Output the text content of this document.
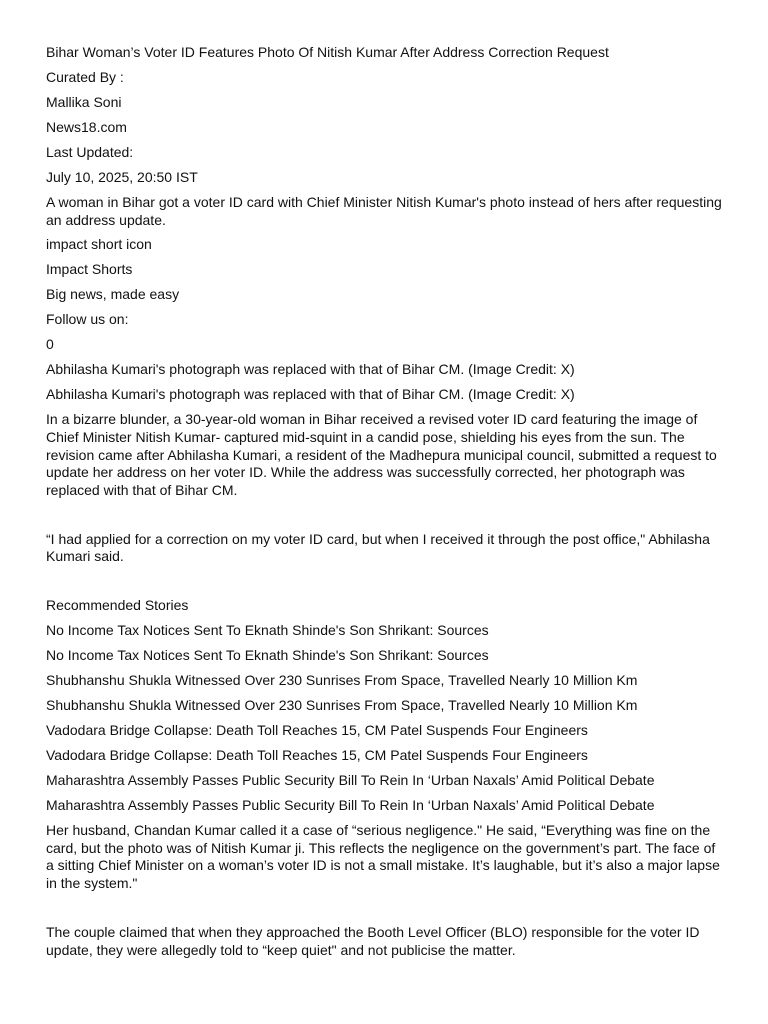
Bihar Woman’s Voter ID Features Photo Of Nitish Kumar After Address Correction Request
Curated By :
Mallika Soni
News18.com
Last Updated:
July 10, 2025, 20:50 IST
A woman in Bihar got a voter ID card with Chief Minister Nitish Kumar's photo instead of hers after requesting an address update.
impact short icon
Impact Shorts
Big news, made easy
Follow us on:
0
Abhilasha Kumari's photograph was replaced with that of Bihar CM. (Image Credit: X)
Abhilasha Kumari's photograph was replaced with that of Bihar CM. (Image Credit: X)
In a bizarre blunder, a 30-year-old woman in Bihar received a revised voter ID card featuring the image of Chief Minister Nitish Kumar- captured mid-squint in a candid pose, shielding his eyes from the sun. The revision came after Abhilasha Kumari, a resident of the Madhepura municipal council, submitted a request to update her address on her voter ID. While the address was successfully corrected, her photograph was replaced with that of Bihar CM.
“I had applied for a correction on my voter ID card, but when I received it through the post office," Abhilasha Kumari said.
Recommended Stories
No Income Tax Notices Sent To Eknath Shinde's Son Shrikant: Sources
No Income Tax Notices Sent To Eknath Shinde's Son Shrikant: Sources
Shubhanshu Shukla Witnessed Over 230 Sunrises From Space, Travelled Nearly 10 Million Km
Shubhanshu Shukla Witnessed Over 230 Sunrises From Space, Travelled Nearly 10 Million Km
Vadodara Bridge Collapse: Death Toll Reaches 15, CM Patel Suspends Four Engineers
Vadodara Bridge Collapse: Death Toll Reaches 15, CM Patel Suspends Four Engineers
Maharashtra Assembly Passes Public Security Bill To Rein In ‘Urban Naxals’ Amid Political Debate
Maharashtra Assembly Passes Public Security Bill To Rein In ‘Urban Naxals’ Amid Political Debate
Her husband, Chandan Kumar called it a case of “serious negligence." He said, “Everything was fine on the card, but the photo was of Nitish Kumar ji. This reflects the negligence on the government’s part. The face of a sitting Chief Minister on a woman’s voter ID is not a small mistake. It’s laughable, but it’s also a major lapse in the system."
The couple claimed that when they approached the Booth Level Officer (BLO) responsible for the voter ID update, they were allegedly told to “keep quiet" and not publicise the matter.
